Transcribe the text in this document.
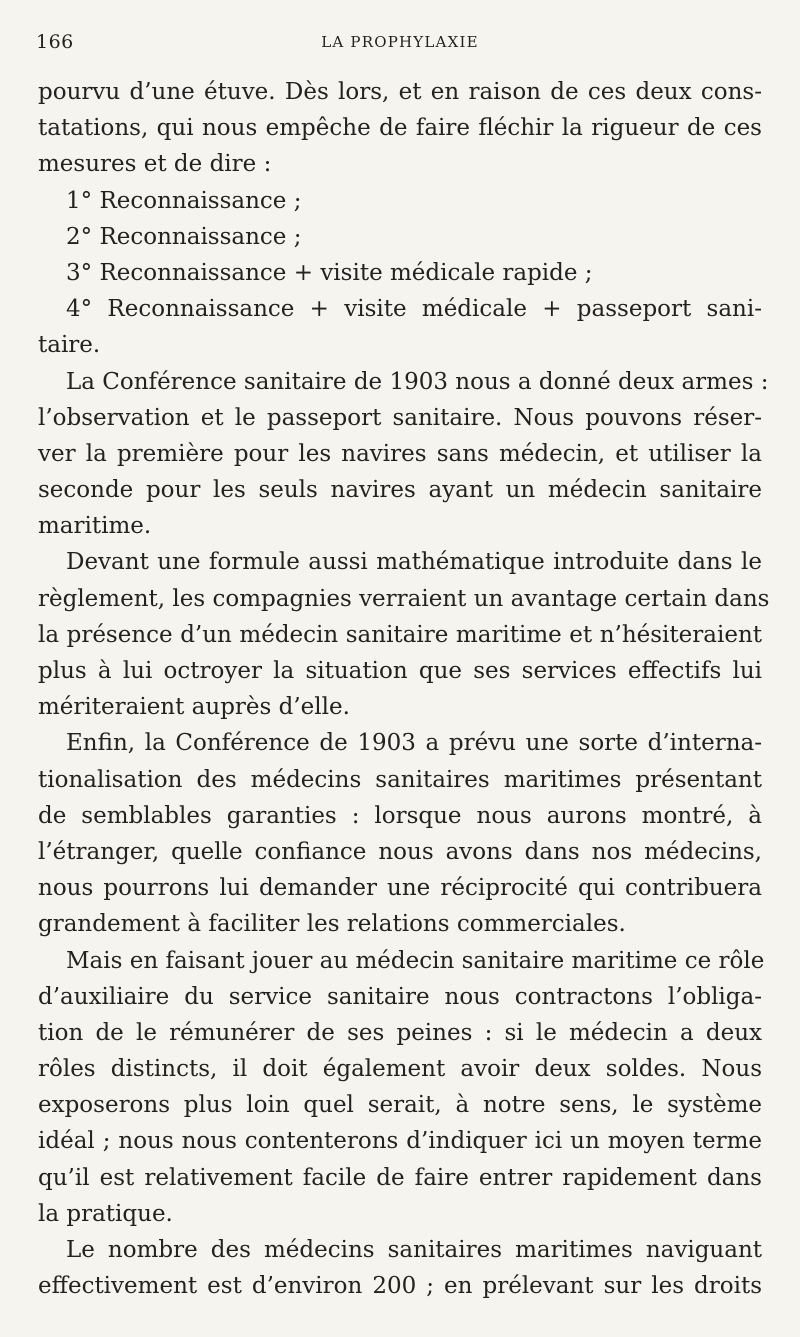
166	LA PROPHYLAXIE
pourvu d’une étuve. Dès lors, et en raison de ces deux cons-
tatations, qui nous empêche de faire fléchir la rigueur de ces
mesures et de dire :
1° Reconnaissance ;
2° Reconnaissance ;
3° Reconnaissance + visite médicale rapide ;
4° Reconnaissance + visite médicale + passeport sani-
taire.
La Conférence sanitaire de 1903 nous a donné deux armes :
l’observation et le passeport sanitaire. Nous pouvons réser-
ver la première pour les navires sans médecin, et utiliser la
seconde pour les seuls navires ayant un médecin sanitaire
maritime.
Devant une formule aussi mathématique introduite dans le
règlement, les compagnies verraient un avantage certain dans
la présence d’un médecin sanitaire maritime et n’hésiteraient
plus à lui octroyer la situation que ses services effectifs lui
mériteraient auprès d’elle.
Enfin, la Conférence de 1903 a prévu une sorte d’interna-
tionalisation des médecins sanitaires maritimes présentant
de semblables garanties : lorsque nous aurons montré, à
l’étranger, quelle confiance nous avons dans nos médecins,
nous pourrons lui demander une réciprocité qui contribuera
grandement à faciliter les relations commerciales.
Mais en faisant jouer au médecin sanitaire maritime ce rôle
d’auxiliaire du service sanitaire nous contractons l’obliga-
tion de le rémunérer de ses peines : si le médecin a deux
rôles distincts, il doit également avoir deux soldes. Nous
exposerons plus loin quel serait, à notre sens, le système
idéal ; nous nous contenterons d’indiquer ici un moyen terme
qu’il est relativement facile de faire entrer rapidement dans
la pratique.
Le nombre des médecins sanitaires maritimes naviguant
effectivement est d’environ 200 ; en prélevant sur les droits
